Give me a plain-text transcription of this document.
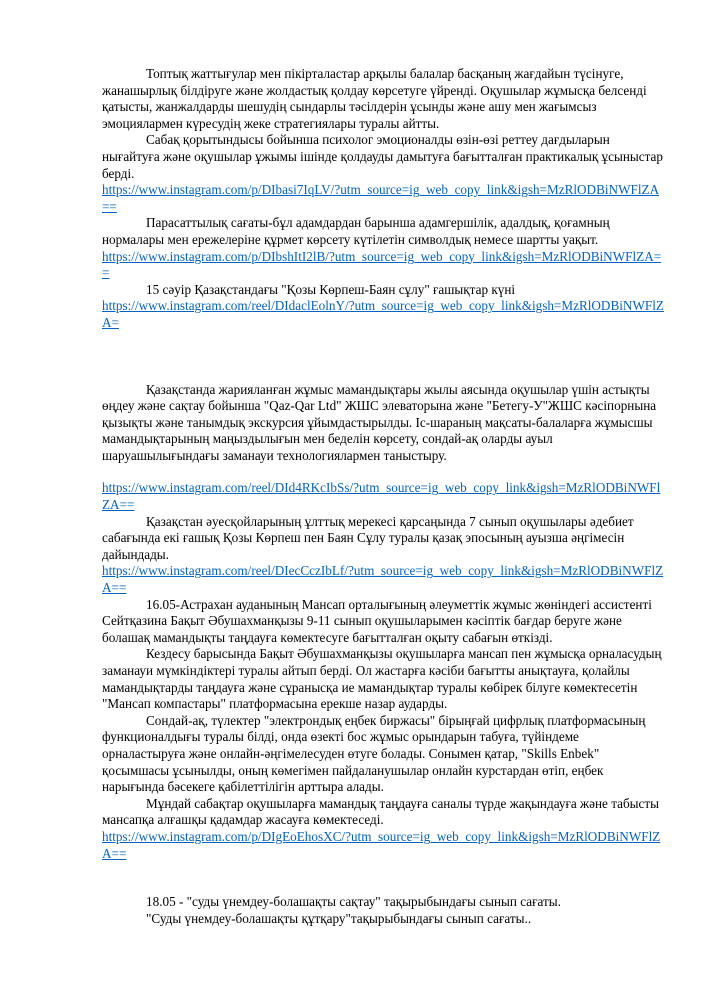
Топтық жаттығулар мен пікірталастар арқылы балалар басқаның жағдайын түсінуге, жанашырлық білдіруге және жолдастық қолдау көрсетуге үйренді. Оқушылар жұмысқа белсенді қатысты, жанжалдарды шешудің сындарлы тәсілдерін ұсынды және ашу мен жағымсыз эмоциялармен күресудің жеке стратегиялары туралы айтты.

Сабақ қорытындысы бойынша психолог эмоционалды өзін-өзі реттеу дағдыларын нығайтуға және оқушылар ұжымы ішінде қолдауды дамытуға бағытталған практикалық ұсыныстар берді.

https://www.instagram.com/p/DIbasi7IqLV/?utm_source=ig_web_copy_link&igsh=MzRlODBiNWFlZA==

Парасаттылық сағаты-бұл адамдардан барынша адамгершілік, адалдық, қоғамның нормалары мен ережелеріне құрмет көрсету күтілетін символдық немесе шартты уақыт.

https://www.instagram.com/p/DIbshItI2lB/?utm_source=ig_web_copy_link&igsh=MzRlODBiNWFlZA==

15 сәуір Қазақстандағы "Қозы Көрпеш-Баян сұлу" ғашықтар күні

https://www.instagram.com/reel/DIdaclEolnY/?utm_source=ig_web_copy_link&igsh=MzRlODBiNWFlZA=

Қазақстанда жарияланған жұмыс мамандықтары жылы аясында оқушылар үшін астықты өңдеу және сақтау бойынша "Qaz-Qar Ltd" ЖШС элеваторына және "Бетегу-У"ЖШС кәсіпорнына қызықты және танымдық экскурсия ұйымдастырылды. Іс-шараның мақсаты-балаларға жұмысшы мамандықтарының маңыздылығын мен беделін көрсету, сондай-ақ оларды ауыл шаруашылығындағы заманауи технологиялармен таныстыру.

https://www.instagram.com/reel/DId4RKcIbSs/?utm_source=ig_web_copy_link&igsh=MzRlODBiNWFlZA==

Қазақстан әуесқойларының ұлттық мерекесі қарсаңында 7 сынып оқушылары әдебиет сабағында екі ғашық Қозы Көрпеш пен Баян Сұлу туралы қазақ эпосының ауызша әңгімесін дайындады.

https://www.instagram.com/reel/DIecCczIbLf/?utm_source=ig_web_copy_link&igsh=MzRlODBiNWFlZA==

16.05-Астрахан ауданының Мансап орталығының әлеуметтік жұмыс жөніндегі ассистенті Сейтқазина Бақыт Әбушахманқызы 9-11 сынып оқушыларымен кәсіптік бағдар беруге және болашақ мамандықты таңдауға көмектесуге бағытталған оқыту сабағын өткізді.

Кездесу барысында Бақыт Әбушахманқызы оқушыларға мансап пен жұмысқа орналасудың заманауи мүмкіндіктері туралы айтып берді. Ол жастарға кәсіби бағытты анықтауға, қолайлы мамандықтарды таңдауға және сұранысқа ие мамандықтар туралы көбірек білуге көмектесетін "Мансап компастары" платформасына ерекше назар аударды.

Сондай-ақ, түлектер "электрондық еңбек биржасы" бірыңғай цифрлық платформасының функционалдығы туралы білді, онда өзекті бос жұмыс орындарын табуға, түйіндеме орналастыруға және онлайн-әңгімелесуден өтуге болады. Сонымен қатар, "Skills Enbek" қосымшасы ұсынылды, оның көмегімен пайдаланушылар онлайн курстардан өтіп, еңбек нарығында бәсекеге қабілеттілігін арттыра алады.

Мұндай сабақтар оқушыларға мамандық таңдауға саналы түрде жақындауға және табысты мансапқа алғашқы қадамдар жасауға көмектеседі.

https://www.instagram.com/p/DIgEoEhosXC/?utm_source=ig_web_copy_link&igsh=MzRlODBiNWFlZA==

18.05 - "суды үнемдеу-болашақты сақтау" тақырыбындағы сынып сағаты.

"Суды үнемдеу-болашақты құтқару"тақырыбындағы сынып сағаты..
